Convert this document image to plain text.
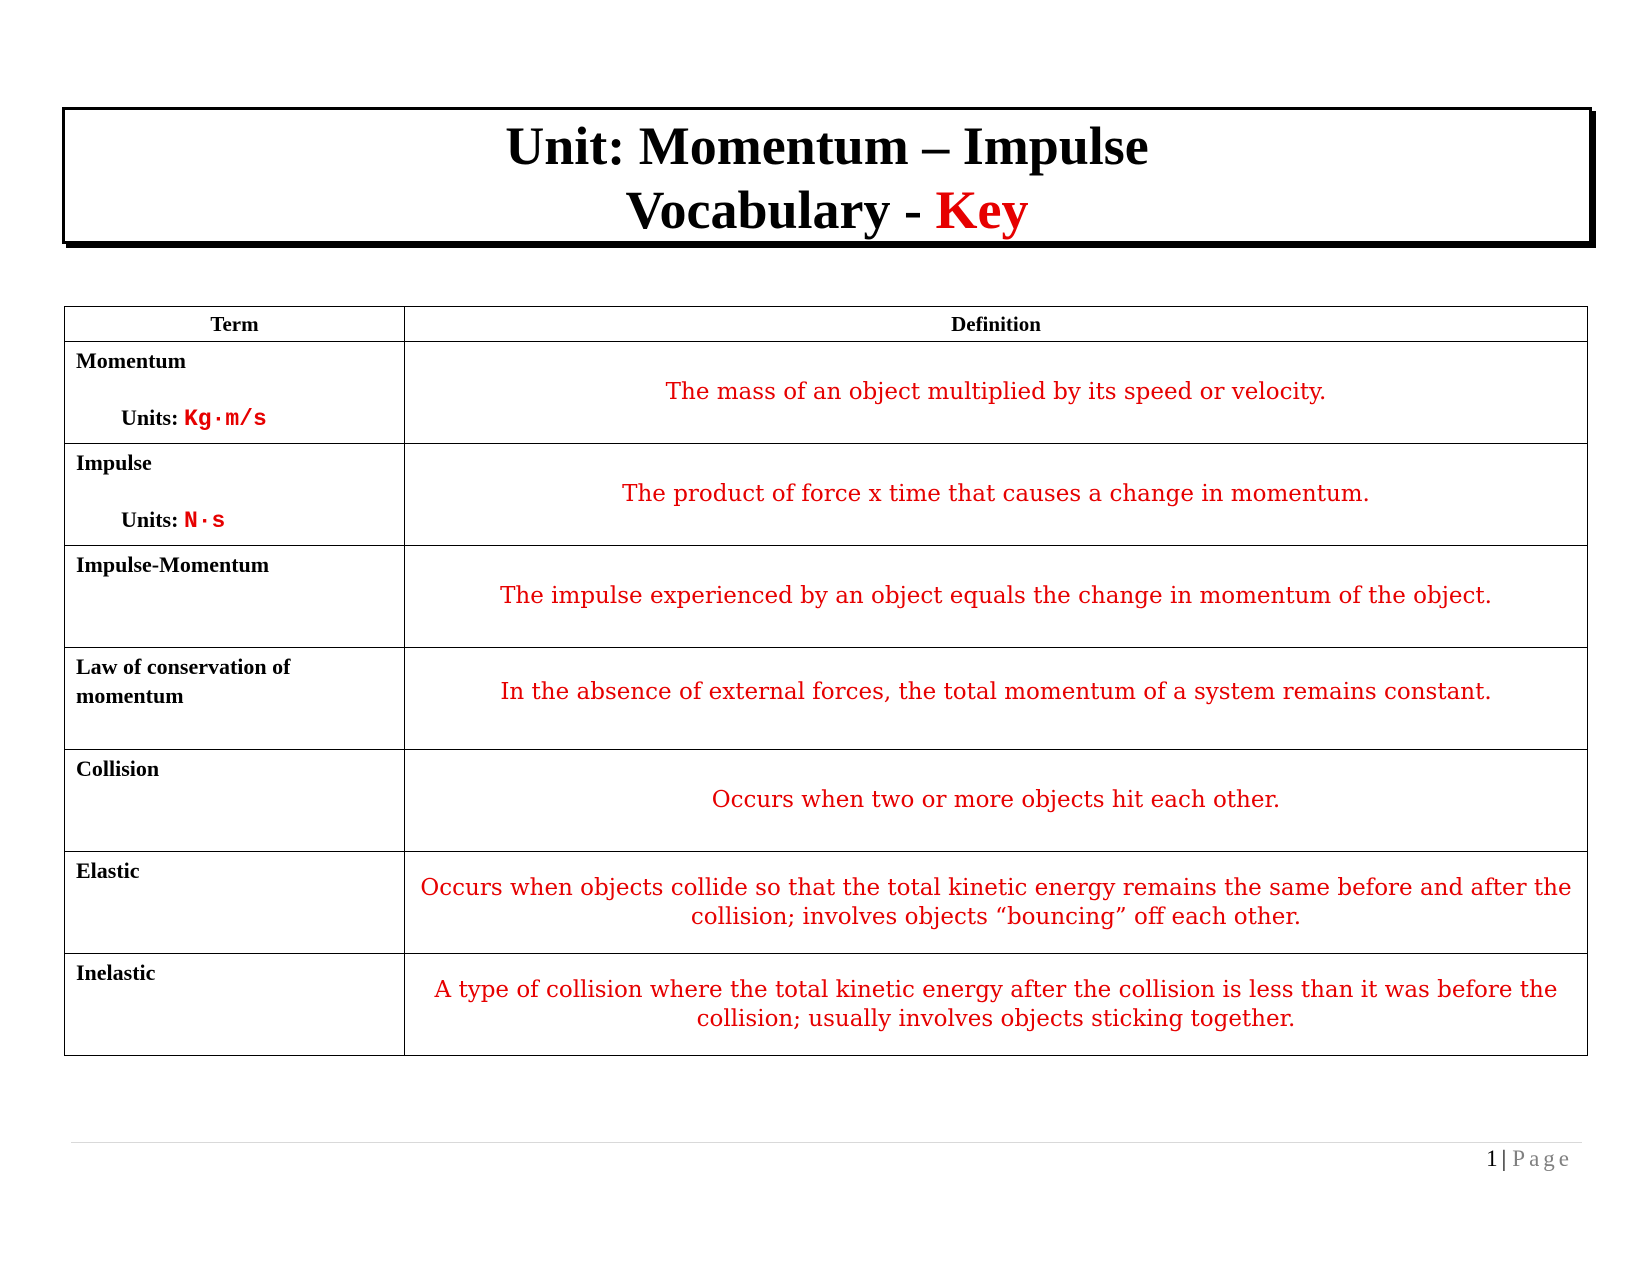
Unit: Momentum – Impulse
Vocabulary - Key
Term	Definition
Momentum
Units: Kg·m/s	The mass of an object multiplied by its speed or velocity.
Impulse
Units: N·s	The product of force x time that causes a change in momentum.
Impulse-Momentum	The impulse experienced by an object equals the change in momentum of the object.
Law of conservation of momentum	In the absence of external forces, the total momentum of a system remains constant.
Collision	Occurs when two or more objects hit each other.
Elastic	Occurs when objects collide so that the total kinetic energy remains the same before and after the collision; involves objects “bouncing” off each other.
Inelastic	A type of collision where the total kinetic energy after the collision is less than it was before the collision; usually involves objects sticking together.
1 | Page
